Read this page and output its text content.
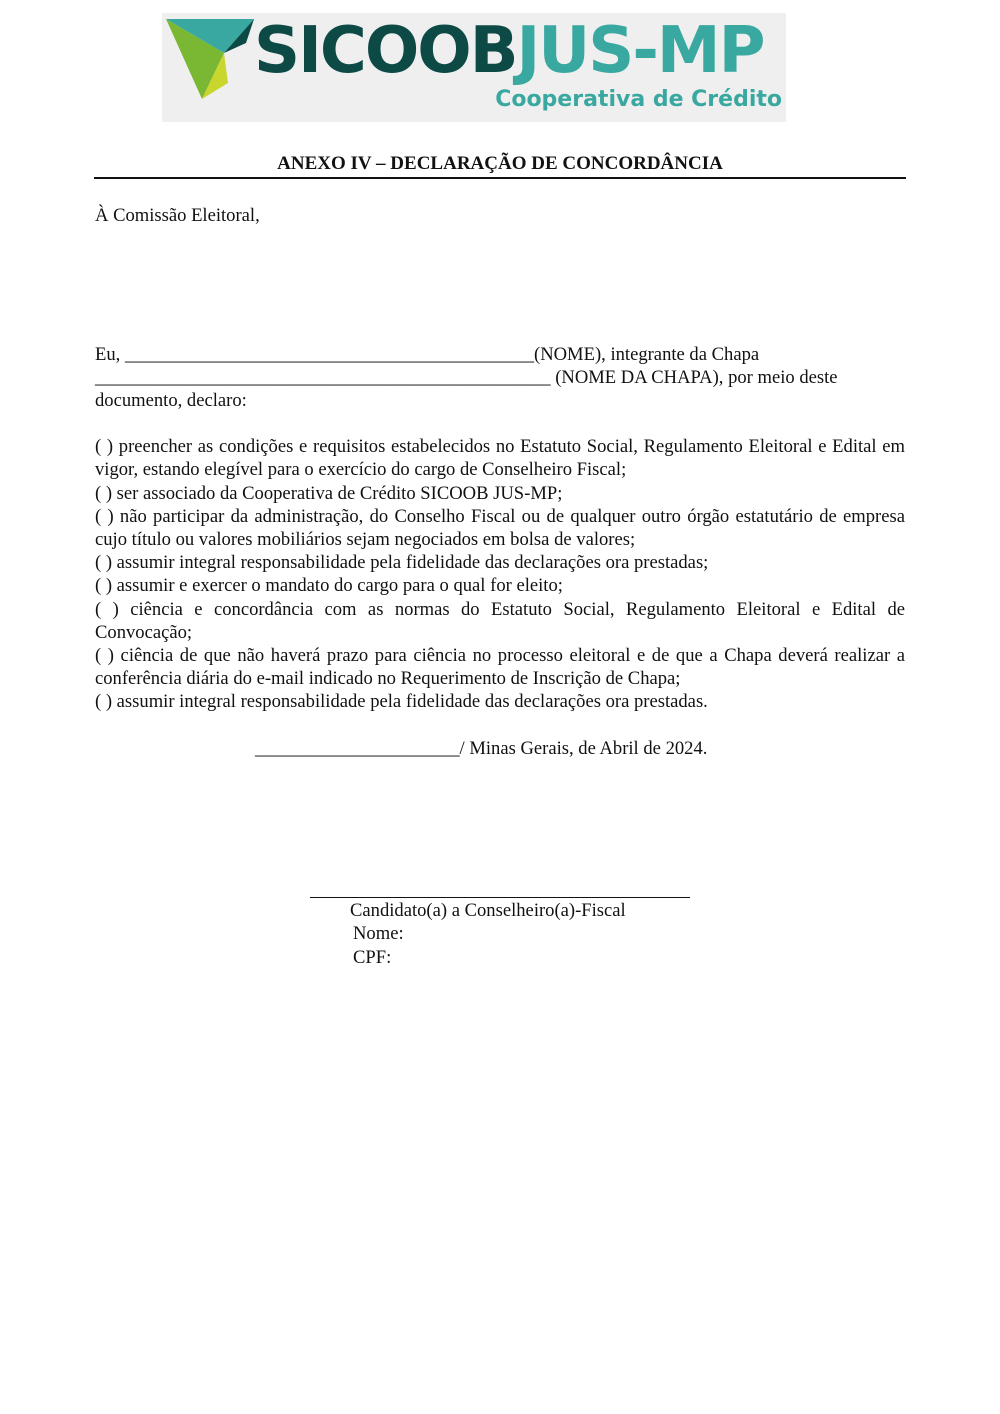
SICOOBJUS-MP
Cooperativa de Crédito
ANEXO IV – DECLARAÇÃO DE CONCORDÂNCIA
À Comissão Eleitoral,
Eu, ____________________________________________(NOME), integrante da Chapa
_________________________________________________ (NOME DA CHAPA), por meio deste
documento, declaro:
( ) preencher as condições e requisitos estabelecidos no Estatuto Social, Regulamento Eleitoral e Edital em vigor, estando elegível para o exercício do cargo de Conselheiro Fiscal;
( ) ser associado da Cooperativa de Crédito SICOOB JUS-MP;
( ) não participar da administração, do Conselho Fiscal ou de qualquer outro órgão estatutário de empresa cujo título ou valores mobiliários sejam negociados em bolsa de valores;
( ) assumir integral responsabilidade pela fidelidade das declarações ora prestadas;
( ) assumir e exercer o mandato do cargo para o qual for eleito;
( ) ciência e concordância com as normas do Estatuto Social, Regulamento Eleitoral e Edital de Convocação;
( ) ciência de que não haverá prazo para ciência no processo eleitoral e de que a Chapa deverá realizar a conferência diária do e-mail indicado no Requerimento de Inscrição de Chapa;
( ) assumir integral responsabilidade pela fidelidade das declarações ora prestadas.
______________________/ Minas Gerais, de Abril de 2024.
Candidato(a) a Conselheiro(a)-Fiscal
Nome:
CPF:
